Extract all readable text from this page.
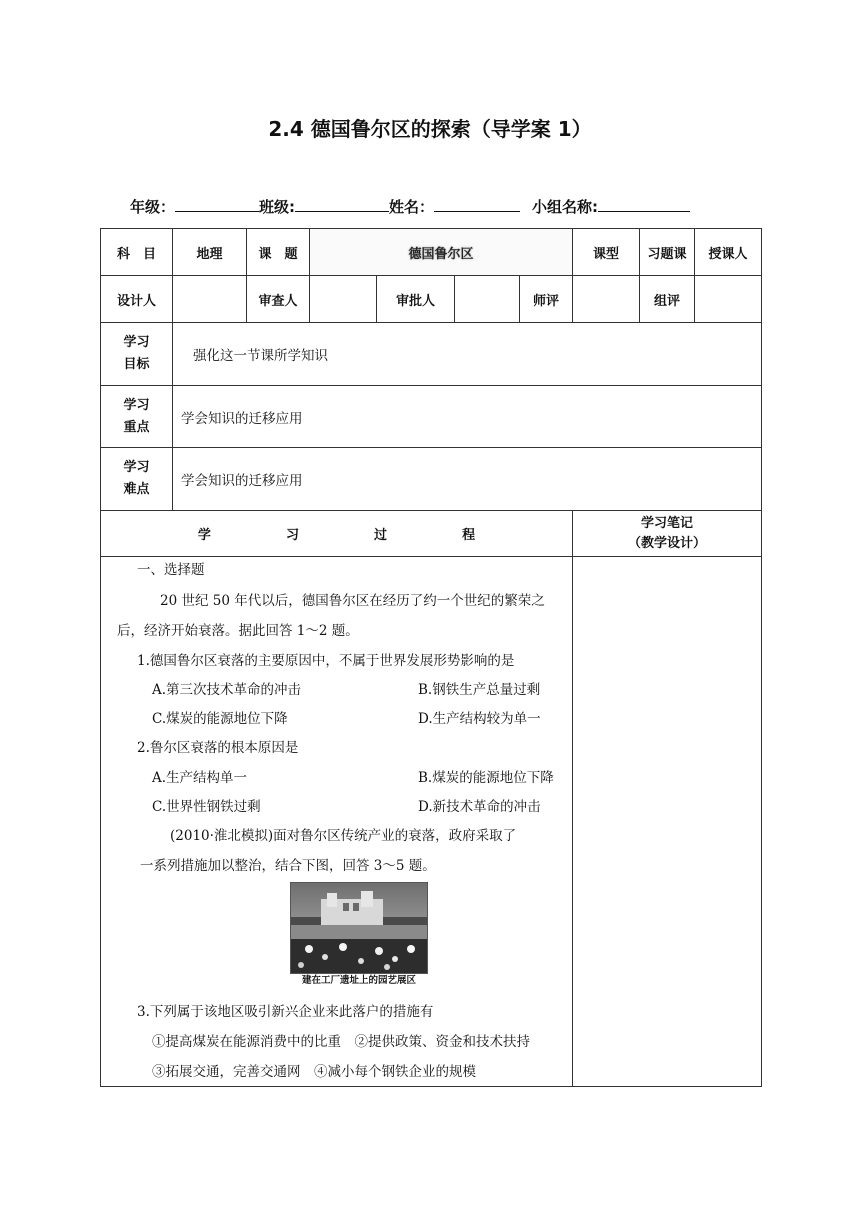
2.4 德国鲁尔区的探索（导学案 1）
年级：	班级:	姓名：	小组名称:
科　目	地理	课　题	德国鲁尔区				课型	习题课	授课人
设计人		审查人		审批人		师评		组评	

学习
目标	强化这一节课所学知识								

学习
重点	学会知识的迁移应用								

学习
难点	学会知识的迁移应用								
学 习 过 程							学习笔记
（教学设计）		

一、选择题
20 世纪 50 年代以后，德国鲁尔区在经历了约一个世纪的繁荣之
后，经济开始衰落。据此回答 1～2 题。
1.德国鲁尔区衰落的主要原因中，不属于世界发展形势影响的是
A.第三次技术革命的冲击	B.钢铁生产总量过剩
C.煤炭的能源地位下降	D.生产结构较为单一
2.鲁尔区衰落的根本原因是
A.生产结构单一	B.煤炭的能源地位下降
C.世界性钢铁过剩	D.新技术革命的冲击
(2010·淮北模拟)面对鲁尔区传统产业的衰落，政府采取了
一系列措施加以整治，结合下图，回答 3～5 题。
建在工厂遗址上的园艺展区
3.下列属于该地区吸引新兴企业来此落户的措施有
①提高煤炭在能源消费中的比重　②提供政策、资金和技术扶持
③拓展交通，完善交通网　④减小每个钢铁企业的规模
